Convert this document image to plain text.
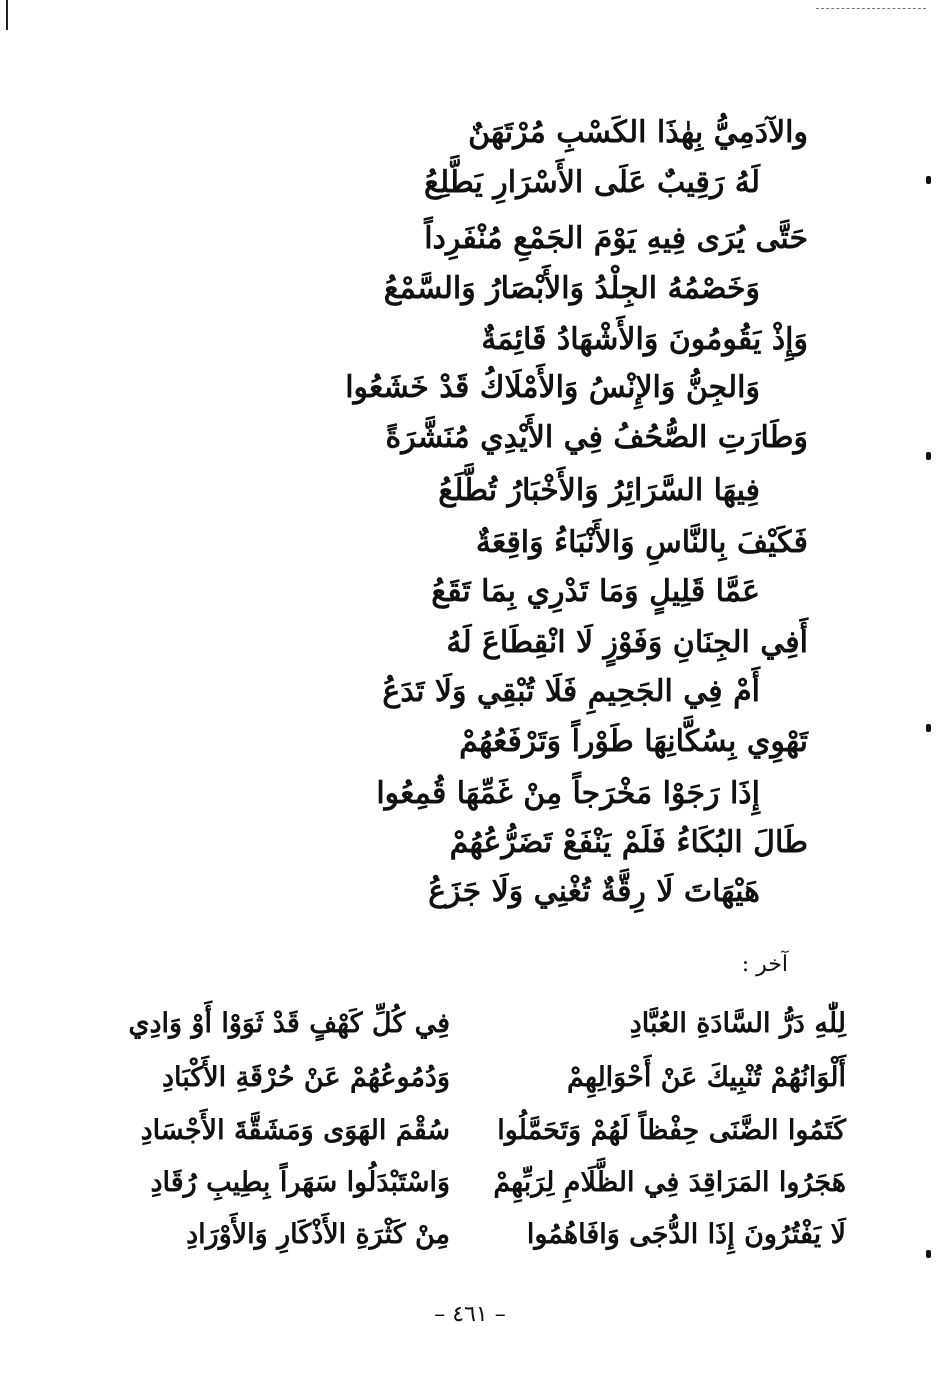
والآدَمِيُّ بِهٰذَا الكَسْبِ مُرْتَهَنٌ
لَهُ رَقِيبٌ عَلَى الأَسْرَارِ يَطَّلِعُ
حَتَّى يُرَى فِيهِ يَوْمَ الجَمْعِ مُنْفَرِداً
وَخَصْمُهُ الجِلْدُ وَالأَبْصَارُ وَالسَّمْعُ
وَإِذْ يَقُومُونَ وَالأَشْهَادُ قَائِمَةٌ
وَالجِنُّ وَالإِنْسُ وَالأَمْلَاكُ قَدْ خَشَعُوا
وَطَارَتِ الصُّحُفُ فِي الأَيْدِي مُنَشَّرَةً
فِيهَا السَّرَائِرُ وَالأَخْبَارُ تُطَّلَعُ
فَكَيْفَ بِالنَّاسِ وَالأَنْبَاءُ وَاقِعَةٌ
عَمَّا قَلِيلٍ وَمَا تَدْرِي بِمَا تَقَعُ
أَفِي الجِنَانِ وَفَوْزٍ لَا انْقِطَاعَ لَهُ
أَمْ فِي الجَحِيمِ فَلَا تُبْقِي وَلَا تَدَعُ
تَهْوِي بِسُكَّانِهَا طَوْراً وَتَرْفَعُهُمْ
إِذَا رَجَوْا مَخْرَجاً مِنْ غَمِّهَا قُمِعُوا
طَالَ البُكَاءُ فَلَمْ يَنْفَعْ تَضَرُّعُهُمْ
هَيْهَاتَ لَا رِقَّةٌ تُغْنِي وَلَا جَزَعُ
آخر :
لِلّٰهِ دَرُّ السَّادَةِ العُبَّادِ
فِي كُلِّ كَهْفٍ قَدْ ثَوَوْا أَوْ وَادِي
أَلْوَانُهُمْ تُنْبِيكَ عَنْ أَحْوَالِهِمْ
وَدُمُوعُهُمْ عَنْ حُرْقَةِ الأَكْبَادِ
كَتَمُوا الضَّنَى حِفْظاً لَهُمْ وَتَحَمَّلُوا
سُقْمَ الهَوَى وَمَشَقَّةَ الأَجْسَادِ
هَجَرُوا المَرَاقِدَ فِي الظَّلَامِ لِرَبِّهِمْ
وَاسْتَبْدَلُوا سَهَراً بِطِيبِ رُقَادِ
لَا يَفْتُرُونَ إِذَا الدُّجَى وَافَاهُمُوا
مِنْ كَثْرَةِ الأَذْكَارِ وَالأَوْرَادِ
– ٤٦١ –
